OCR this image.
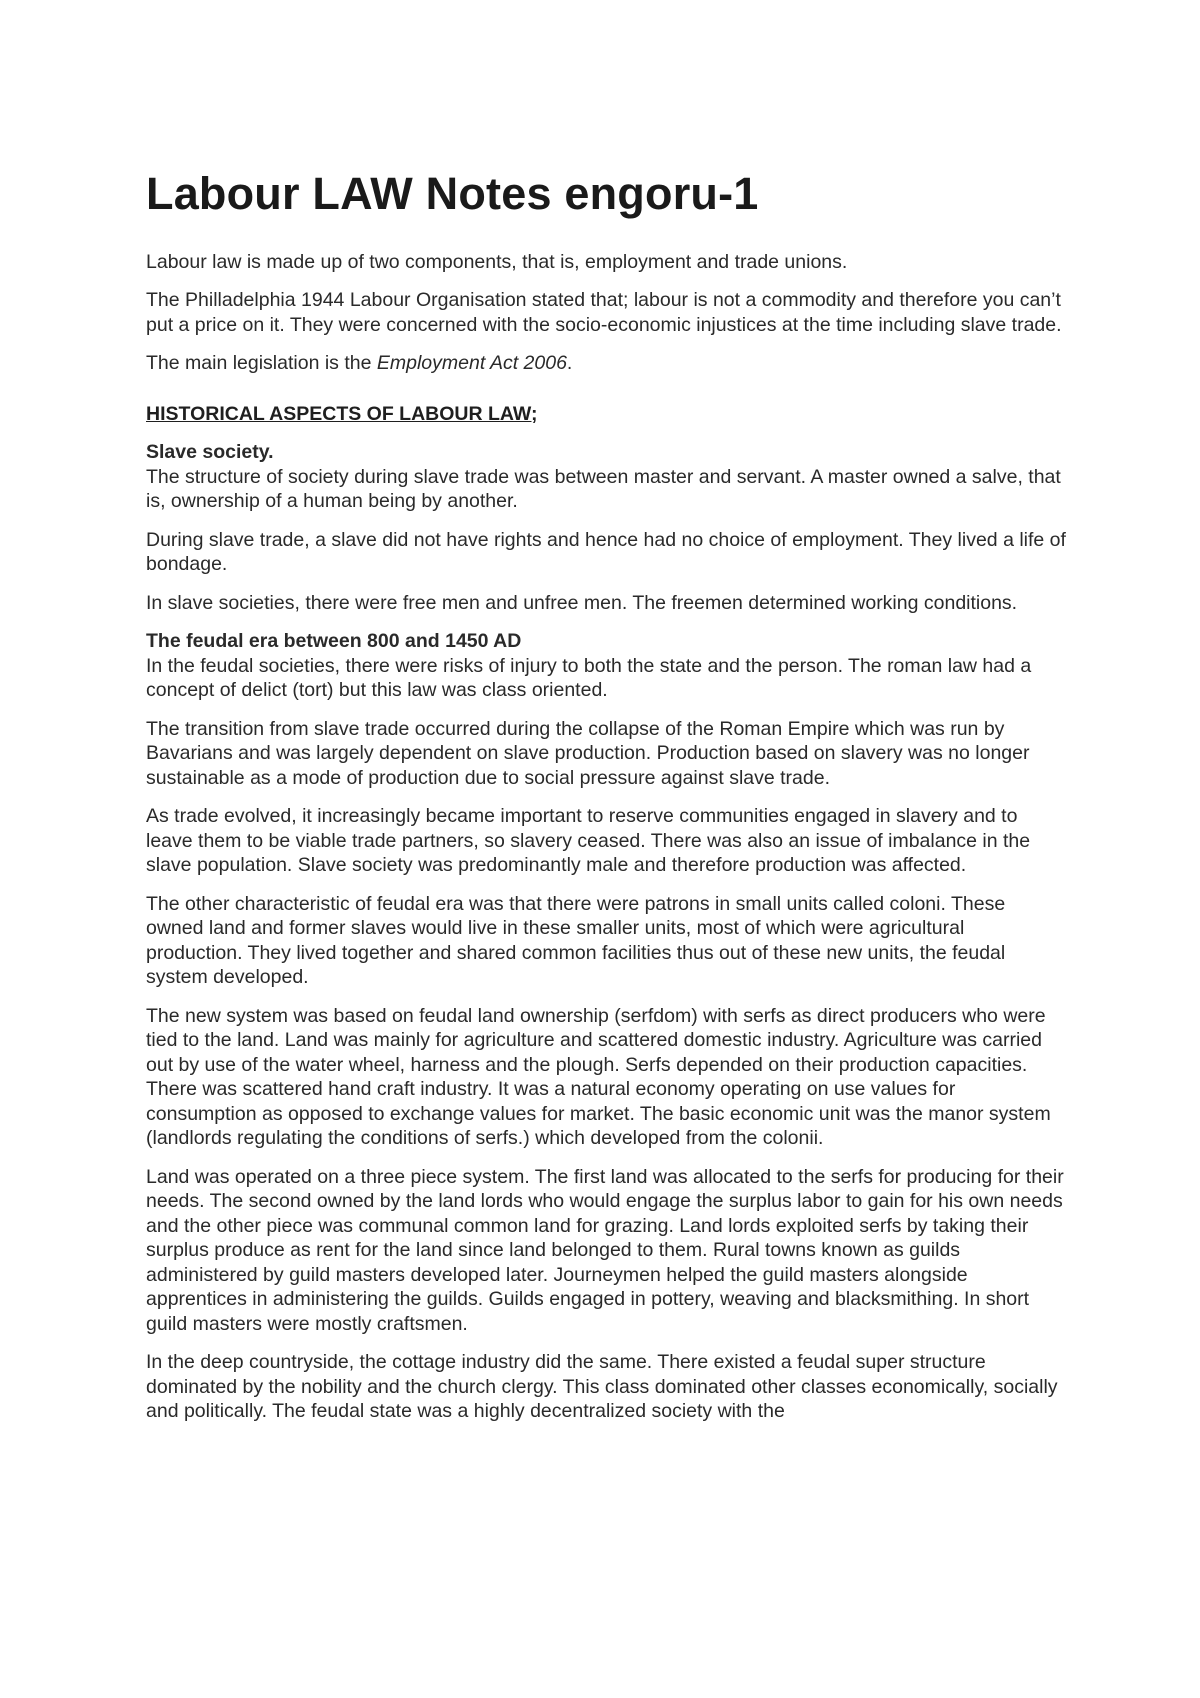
Labour LAW Notes engoru-1

Labour law is made up of two components, that is, employment and trade unions.

The Philladelphia 1944 Labour Organisation stated that; labour is not a commodity and therefore you can’t put a price on it. They were concerned with the socio-economic injustices at the time including slave trade.

The main legislation is the Employment Act 2006.

HISTORICAL ASPECTS OF LABOUR LAW;

Slave society.
The structure of society during slave trade was between master and servant. A master owned a salve, that is, ownership of a human being by another.

During slave trade, a slave did not have rights and hence had no choice of employment. They lived a life of bondage.

In slave societies, there were free men and unfree men. The freemen determined working conditions.

The feudal era between 800 and 1450 AD
In the feudal societies, there were risks of injury to both the state and the person. The roman law had a concept of delict (tort) but this law was class oriented.

The transition from slave trade occurred during the collapse of the Roman Empire which was run by Bavarians and was largely dependent on slave production. Production based on slavery was no longer sustainable as a mode of production due to social pressure against slave trade.

As trade evolved, it increasingly became important to reserve communities engaged in slavery and to leave them to be viable trade partners, so slavery ceased. There was also an issue of imbalance in the slave population. Slave society was predominantly male and therefore production was affected.

The other characteristic of feudal era was that there were patrons in small units called coloni. These owned land and former slaves would live in these smaller units, most of which were agricultural production. They lived together and shared common facilities thus out of these new units, the feudal system developed.

The new system was based on feudal land ownership (serfdom) with serfs as direct producers who were tied to the land. Land was mainly for agriculture and scattered domestic industry. Agriculture was carried out by use of the water wheel, harness and the plough. Serfs depended on their production capacities. There was scattered hand craft industry. It was a natural economy operating on use values for consumption as opposed to exchange values for market. The basic economic unit was the manor system (landlords regulating the conditions of serfs.) which developed from the colonii.

Land was operated on a three piece system. The first land was allocated to the serfs for producing for their needs. The second owned by the land lords who would engage the surplus labor to gain for his own needs and the other piece was communal common land for grazing. Land lords exploited serfs by taking their surplus produce as rent for the land since land belonged to them. Rural towns known as guilds administered by guild masters developed later. Journeymen helped the guild masters alongside apprentices in administering the guilds. Guilds engaged in pottery, weaving and blacksmithing. In short guild masters were mostly craftsmen.

In the deep countryside, the cottage industry did the same. There existed a feudal super structure dominated by the nobility and the church clergy. This class dominated other classes economically, socially and politically. The feudal state was a highly decentralized society with the
